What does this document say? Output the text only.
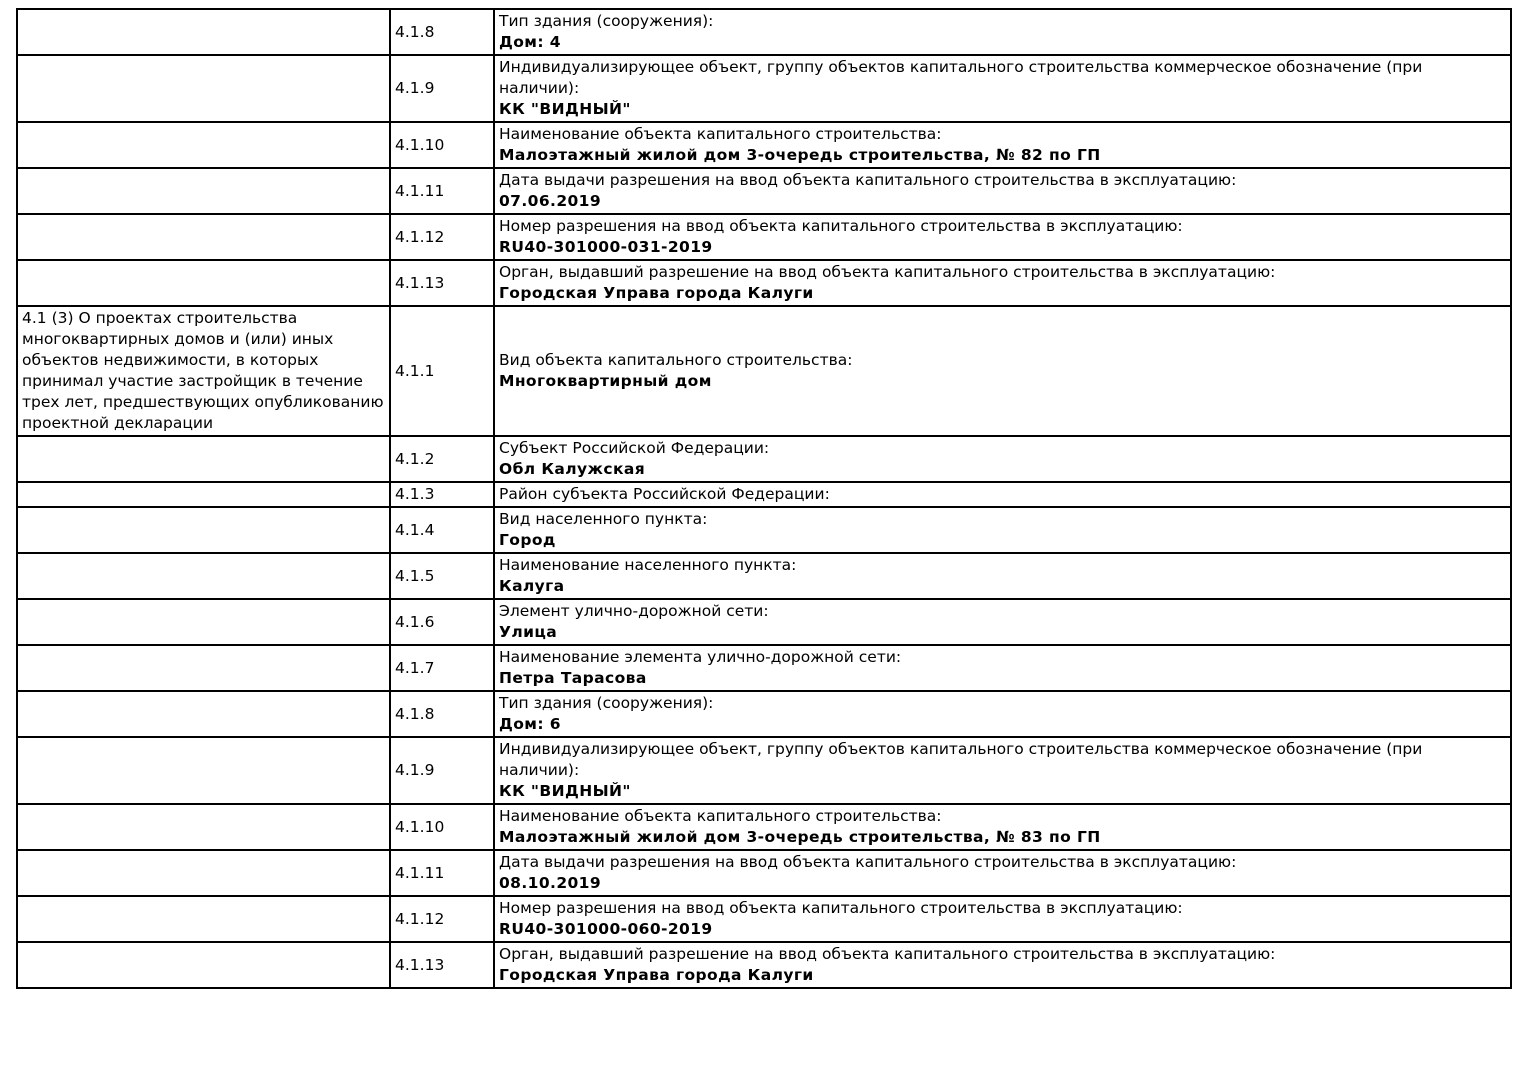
	4.1.8	Тип здания (сооружения):
Дом: 4

	4.1.9	Индивидуализирующее объект, группу объектов капитального строительства коммерческое обозначение (при наличии):
КК "ВИДНЫЙ"

	4.1.10	Наименование объекта капитального строительства:
Малоэтажный жилой дом 3-очередь строительства, № 82 по ГП

	4.1.11	Дата выдачи разрешения на ввод объекта капитального строительства в эксплуатацию:
07.06.2019

	4.1.12	Номер разрешения на ввод объекта капитального строительства в эксплуатацию:
RU40-301000-031-2019

	4.1.13	Орган, выдавший разрешение на ввод объекта капитального строительства в эксплуатацию:
Городская Управа города Калуги

4.1 (3) О проектах строительства многоквартирных домов и (или) иных объектов недвижимости, в которых принимал участие застройщик в течение трех лет, предшествующих опубликованию проектной декларации	4.1.1	Вид объекта капитального строительства:
Многоквартирный дом

	4.1.2	Субъект Российской Федерации:
Обл Калужская

	4.1.3	Район субъекта Российской Федерации:

	4.1.4	Вид населенного пункта:
Город

	4.1.5	Наименование населенного пункта:
Калуга

	4.1.6	Элемент улично-дорожной сети:
Улица

	4.1.7	Наименование элемента улично-дорожной сети:
Петра Тарасова

	4.1.8	Тип здания (сооружения):
Дом: 6

	4.1.9	Индивидуализирующее объект, группу объектов капитального строительства коммерческое обозначение (при наличии):
КК "ВИДНЫЙ"

	4.1.10	Наименование объекта капитального строительства:
Малоэтажный жилой дом 3-очередь строительства, № 83 по ГП

	4.1.11	Дата выдачи разрешения на ввод объекта капитального строительства в эксплуатацию:
08.10.2019

	4.1.12	Номер разрешения на ввод объекта капитального строительства в эксплуатацию:
RU40-301000-060-2019

	4.1.13	Орган, выдавший разрешение на ввод объекта капитального строительства в эксплуатацию:
Городская Управа города Калуги
